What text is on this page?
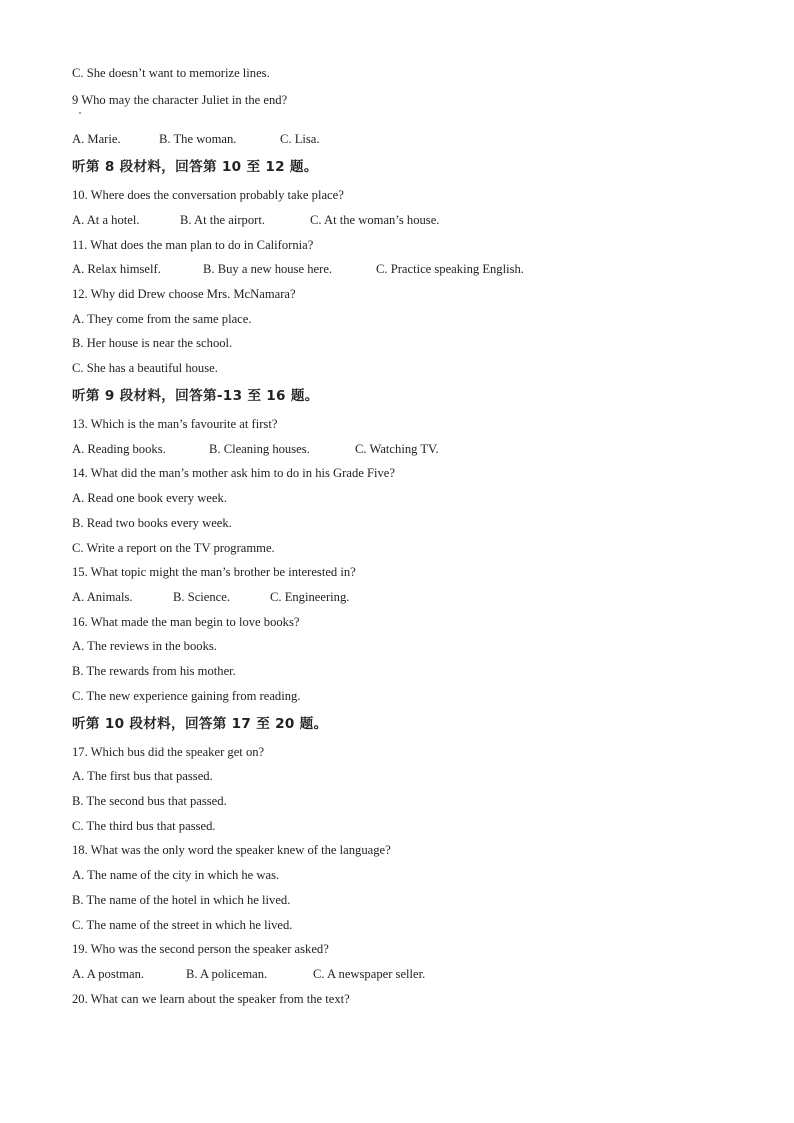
C. She doesn’t want to memorize lines.
9 Who may the character Juliet in the end?
A. Marie.	B. The woman.	C. Lisa.
听第 8 段材料，回答第 10 至 12 题。
10. Where does the conversation probably take place?
A. At a hotel.	B. At the airport.	C. At the woman’s house.
11. What does the man plan to do in California?
A. Relax himself.	B. Buy a new house here.	C. Practice speaking English.
12. Why did Drew choose Mrs. McNamara?
A. They come from the same place.
B. Her house is near the school.
C. She has a beautiful house.
听第 9 段材料，回答第-13 至 16 题。
13. Which is the man’s favourite at first?
A. Reading books.	B. Cleaning houses.	C. Watching TV.
14. What did the man’s mother ask him to do in his Grade Five?
A. Read one book every week.
B. Read two books every week.
C. Write a report on the TV programme.
15. What topic might the man’s brother be interested in?
A. Animals.	B. Science.	C. Engineering.
16. What made the man begin to love books?
A. The reviews in the books.
B. The rewards from his mother.
C. The new experience gaining from reading.
听第 10 段材料，回答第 17 至 20 题。
17. Which bus did the speaker get on?
A. The first bus that passed.
B. The second bus that passed.
C. The third bus that passed.
18. What was the only word the speaker knew of the language?
A. The name of the city in which he was.
B. The name of the hotel in which he lived.
C. The name of the street in which he lived.
19. Who was the second person the speaker asked?
A. A postman.	B. A policeman.	C. A newspaper seller.
20. What can we learn about the speaker from the text?
